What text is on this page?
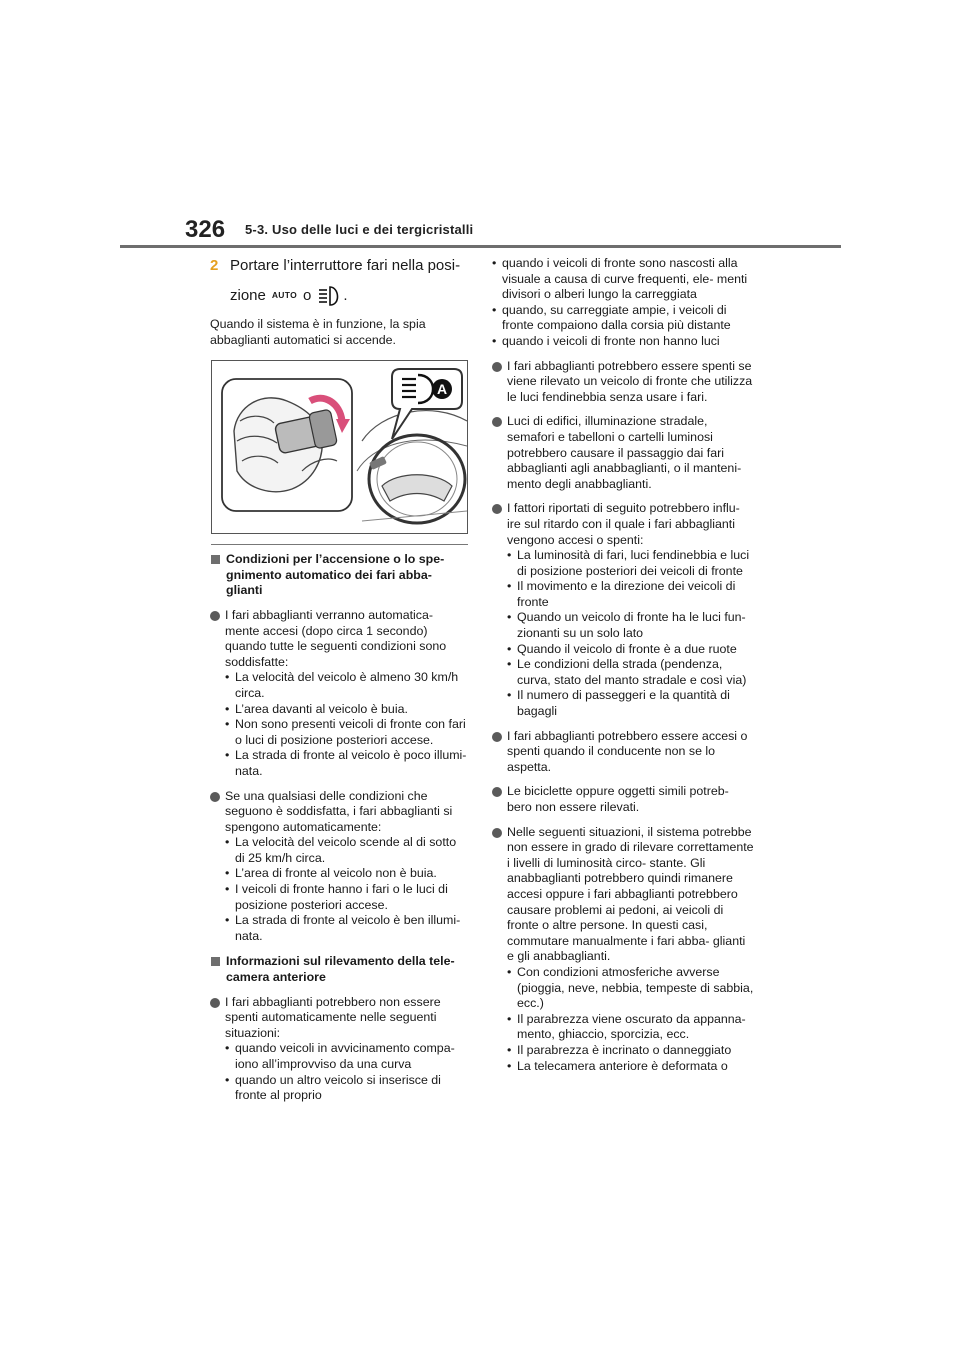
326 5-3. Uso delle luci e dei tergicristalli
2 Portare l’interruttore fari nella posi-
zione AUTO o .
Quando il sistema è in funzione, la spia abbaglianti automatici si accende.
A
Condizioni per l’accensione o lo spe- gnimento automatico dei fari abba- glianti
I fari abbaglianti verranno automatica- mente accesi (dopo circa 1 secondo) quando tutte le seguenti condizioni sono soddisfatte:
• La velocità del veicolo è almeno 30 km/h circa.
• L’area davanti al veicolo è buia.
• Non sono presenti veicoli di fronte con fari o luci di posizione posteriori accese.
• La strada di fronte al veicolo è poco illumi- nata.
Se una qualsiasi delle condizioni che seguono è soddisfatta, i fari abbaglianti si spengono automaticamente:
• La velocità del veicolo scende al di sotto di 25 km/h circa.
• L’area di fronte al veicolo non è buia.
• I veicoli di fronte hanno i fari o le luci di posizione posteriori accese.
• La strada di fronte al veicolo è ben illumi- nata.
Informazioni sul rilevamento della tele- camera anteriore
I fari abbaglianti potrebbero non essere spenti automaticamente nelle seguenti situazioni:
• quando veicoli in avvicinamento compa- iono all’improvviso da una curva
• quando un altro veicolo si inserisce di fronte al proprio
• quando i veicoli di fronte sono nascosti alla visuale a causa di curve frequenti, ele- menti divisori o alberi lungo la carreggiata
• quando, su carreggiate ampie, i veicoli di fronte compaiono dalla corsia più distante
• quando i veicoli di fronte non hanno luci
I fari abbaglianti potrebbero essere spenti se viene rilevato un veicolo di fronte che utilizza le luci fendinebbia senza usare i fari.
Luci di edifici, illuminazione stradale, semafori e tabelloni o cartelli luminosi potrebbero causare il passaggio dai fari abbaglianti agli anabbaglianti, o il manteni- mento degli anabbaglianti.
I fattori riportati di seguito potrebbero influ- ire sul ritardo con il quale i fari abbaglianti vengono accesi o spenti:
• La luminosità di fari, luci fendinebbia e luci di posizione posteriori dei veicoli di fronte
• Il movimento e la direzione dei veicoli di fronte
• Quando un veicolo di fronte ha le luci fun- zionanti su un solo lato
• Quando il veicolo di fronte è a due ruote
• Le condizioni della strada (pendenza, curva, stato del manto stradale e così via)
• Il numero di passeggeri e la quantità di bagagli
I fari abbaglianti potrebbero essere accesi o spenti quando il conducente non se lo aspetta.
Le biciclette oppure oggetti simili potreb- bero non essere rilevati.
Nelle seguenti situazioni, il sistema potrebbe non essere in grado di rilevare correttamente i livelli di luminosità circo- stante. Gli anabbaglianti potrebbero quindi rimanere accesi oppure i fari abbaglianti potrebbero causare problemi ai pedoni, ai veicoli di fronte o altre persone. In questi casi, commutare manualmente i fari abba- glianti e gli anabbaglianti.
• Con condizioni atmosferiche avverse (pioggia, neve, nebbia, tempeste di sabbia, ecc.)
• Il parabrezza viene oscurato da appanna- mento, ghiaccio, sporcizia, ecc.
• Il parabrezza è incrinato o danneggiato
• La telecamera anteriore è deformata o
